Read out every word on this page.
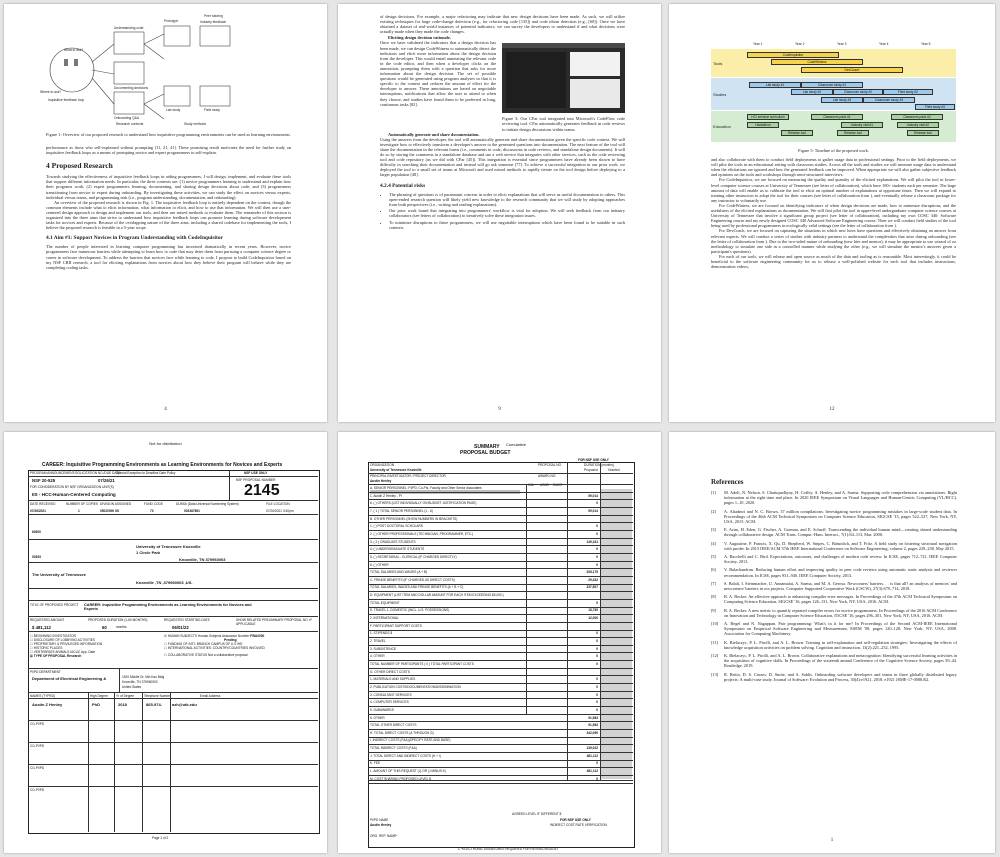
Understanding code
Prototype
Peer tutoring
Industry feedback
What to ask?
Where to ask?
Documenting decisions
Inquisitive feedback loop
Onboarding Q&A
Lab study	Field study
Research contexts	Study methods

Figure 1: Overview of our proposed research to understand how inquisitive programming environments can be used as learning environments.

performance as those who self-explained without prompting [11, 21, 41]. These promising result motivates the need for further study on inquisitive feedback loops as a means of prompting novice and expert programmers to self-explain.

4 Proposed Research

Towards studying the effectiveness of inquisitive feedback loops in aiding programmers, I will design, implement, and evaluate these tools that support different information needs. In particular, the three contexts are: (1) novice programmers learning to understand and explain how their programs work, (2) expert programmers learning, documenting, and sharing design decisions about code, and (3) programmers transitioning from novice to expert during onboarding. By investigating these activities, we can study the effect on novices versus experts, individual versus teams, and programming task (i.e., program understanding, documentation, and onboarding).

An overview of the proposed research is shown in Fig. 1. The inquisitive feedback loop is entirely dependent on the context, though the common elements include what to elicit information, what information to elicit, and how to use that information. We will then use a user-centered design approach to design and implement our tools, and then use mixed methods to evaluate them. The remainder of this section is organized into the three aims that strive to understand how inquisitive feedback loops can promote learning during software development tasks for novices and experts. Because of the overlapping nature of the three aims, including a shared codebase for implementing the tools, I believe the proposed research is feasible in a 5-year scope.

4.1 Aim #1: Support Novices in Program Understanding with CodeInquisitor

The number of people interested in learning computer programming has increased dramatically in recent years. However, novice programmers face numerous barriers while attempting to learn how to code that may deter them from pursuing a computer science degree or career in software development. To address the barriers that novices face while learning to code, I propose to build CodeInquisitor based on my NSF CRII research, a tool for eliciting explanations from novices about how they believe their program will behave while they are completing coding tasks.

4

of design decisions. For example, a major refactoring may indicate that new design decisions have been made. As such, we will utilize existing techniques for large code-change detection (e.g., for refactoring code [135]) and code idiom detection (e.g., [60]). Once we have obtained a dataset of real-world instances of potential indicators, we can survey the developers to understand if and what decisions were actually made when they made the code changes.

Eliciting design decision rationale.

Once we have validated the indicators that a design decision has been made, we can design CodeWitness to automatically detect the indicators and elicit more information about the design decision from the developer. This would entail annotating the relevant code in the code editor, and then when a developer clicks on the annotation, prompting them with a question that asks for more information about the design decision. The set of possible questions would be generated using program analyses so that it is specific to the context and reduces the amount of effort for the developer to answer. These annotations are based on negotiable interruptions, notifications that allow the user to attend to when they choose, and studies have found them to be preferred in long, continuous tasks [82].

Figure 3: Our CFar tool integrated into Microsoft's CodeFlow code reviewing tool. CFar automatically generates feedback in code reviews to initiate design discussions within teams.

Automatically generate and share documentation.

Using the answers from the developer, the tool will automatically generate and share documentation given the specific code context. We will investigate how to effectively transform a developer's answer to the generated questions into documentation. The next feature of the tool will share the documentation in the relevant forms (i.e., comments in code, discussions in code reviews, and standalone design documents). It will do so by storing the comments in a standalone database and use a web service that integrates with other services, such as the code reviewing tool and code repository (as we did with CFar [45]). This integration is essential since programmers have already been shown to have difficulty in searching their documentation and instead will go ask someone [77]. To achieve a successful integration in our prior work, we deployed the tool to a small set of teams at Microsoft and used mixed methods to rapidly iterate on the tool design before deploying to a larger population [48].

4.2.4 Potential risks
• The phrasing of questions is of paramount concern in order to elicit explanations that will serve as useful documentation to others. This open-ended research question will likely yield new knowledge to the research community that we will study by adopting approaches from both perspectives (i.e., writing and reading explanations).
• Our prior work found that integrating into programmers' workflow is vital for adoption. We will seek feedback from our industry collaborators (see letters of collaboration) to iteratively solve these integration issues.
• To minimize disruptions to these programmers, we will use negotiable interruptions which have been found to be suitable in such contexts.
9
Year 1	Year 2	Year 3	Year 4	Year 5
Tools
Studies
Education
CodeInquisitor
CodeWitness
DevCoach
Lab study #1	Classroom study #1
Lab study #2	Classroom study #2	Field study #2
Lab study #3	Classroom study #3
Field study #3
HCI seminar curriculum	Classroom pack #1	Classroom pack #2
Hackathon	Industry visit #1	Industry visit #2
Release tool	Release tool	Release tool

Figure 5: Timeline of the proposed work.

and also collaborate with them to conduct field deployments to gather usage data in professional settings. Prior to the field deployments, we will pilot the tools in an educational setting with classroom studies. Across all the tools and studies we will measure usage data to understand when the elicitations are ignored and how the generated feedback can be improved. When appropriate we will also gather subjective feedback and opinions on the tools and workshops through semi-structured interviews.

For CodeInquisitor, we are focused on measuring the quality and quantity of the elicited explanations. We will pilot the tool in lower-level computer science courses at University of Tennessee (see letter of collaboration), which have 100+ students each per semester. The large amount of data will enable us to calibrate the tool to elicit an optimal number of explanations at opportune times. Then we will expand to training other instructors to adopt the tool for their courses (see letter of collaboration from ), and eventually release a classroom package for any instructor to voluntarily use.

For CodeWitness, we are focused on identifying indicators of when design decisions are made, how to minimize disruptions, and the usefulness of the elicited explanations as documentation. We will first pilot the tool in upper-level undergraduate computer science courses at University of Tennessee that involve a significant group project (see letter of collaboration), including my own COSC 340: Software Engineering course and my newly designed COSC 340 Advanced Software Engineering course. Then we will conduct field studies of the tool being used by professional programmers in ecologically valid settings (see the letter of collaboration from ).

For DevCoach, we are focused on capturing the situations in which new hires have questions and effectively obtaining an answer from relevant experts. We will conduct a series of studies with industry partners to understand the complexities that arise during onboarding (see the letter of collaboration from ). Due to the two-sided nature of onboarding (new hire and mentor), it may be appropriate to use wizard of oz methodology to simulate one side in a controlled manner while studying the other (e.g., we will simulate the mentor's answers given a participant's questions).

For each of our tools, we will release and open source as much of the data and tooling as is reasonable. Most interestingly, it could be beneficial to the software engineering community for us to release a well-polished website for each tool that includes instructions, demonstration videos,

12
Not for distribution
CAREER: Inquisitive Programming Environments as Learning Environments for Novices and Experts
PROGRAM ANNOUNCEMENT/SOLICITATION NO./DUE DATE
Special Exception to Deadline Date Policy	NSF USE ONLY
NSF 20-525	07/26/21	NSF PROPOSAL NUMBER
FOR CONSIDERATION BY NSF ORGANIZATION UNIT(S)
IIS - HCC-Human-Centered Computing	2145
DATE RECEIVED	NUMBER OF COPIES DIVISION ASSIGNED	FUND CODE	DUNS# (Data Universal Numbering System)	FILE LOCATION
07/26/2021	1	05020000 IIS	73	003387891	07/26/2021 3:40pm
62600
University of Tennessee Knoxville
1 Circle Park
00353	Knoxville, TN 379960003
The University of Tennessee
Knoxville ,TN ,379960003 ,US.
TITLE OF PROPOSED PROJECT CAREER: Inquisitive Programming Environments as Learning Environments for Novices and Experts
REQUESTED AMOUNT	PROPOSED DURATION (1-60 MONTHS)	REQUESTED STARTING DATE	SHOW RELATED PRELIMINARY PROPOSAL NO. IF APPLICABLE
$ 481,112	60	months	06/01/22
☐ BEGINNING INVESTIGATOR
☐ DISCLOSURE OF LOBBYING ACTIVITIES
☐ PROPRIETARY & PRIVILEGED INFORMATION
☐ HISTORIC PLACES
☐ VERTEBRATE ANIMALS IACUC App. Date
☒ TYPE OF PROPOSAL Research
☒ HUMAN SUBJECTS Human Subjects Assurance Number FWA0000
Pending
☐ FUNDING OF INT'L BRANCH CAMPUS OF U.S IHE
☐ INTERNATIONAL ACTIVITIES: COUNTRY/COUNTRIES INVOLVED
☐ COLLABORATIVE STATUS Not a collaborative proposal
PI/PD DEPARTMENT
Department of Electrical Engineering &	1520 Middle Dr, Min Kao Bldg
Knoxville, TN 379960003
United States
NAMES (TYPED)	High Degree	Yr of Degree	Telephone Number	Email Address
Austin Z Henley	PhD	2018	865-974- azh@utk.edu
CO-PI/PD
CO-PI/PD
CO-PI/PD
CO-PI/PD
Page 1 of 2
SUMMARY Cumulative
PROPOSAL BUDGET
FOR NSF USE ONLY
ORGANIZATION
University of Tennessee Knoxville
PROPOSAL NO.	DURATION (months)
Proposed	Granted
PRINCIPAL INVESTIGATOR / PROJECT DIRECTOR
Austin Henley
AWARD NO.
CAL ACAD SUMR
A. SENIOR PERSONNEL: PI/PD, Co-PIs, Faculty and Other Senior Associates
1. Austin Z Henley - PI	59,014
6. ( ) OTHERS (LIST INDIVIDUALLY ON BUDGET JUSTIFICATION PAGE)	0
7. ( 1 ) TOTAL SENIOR PERSONNEL (1 - 6)	59,014
B. OTHER PERSONNEL (SHOW NUMBERS IN BRACKETS)
1. ( ) POST DOCTORAL SCHOLARS	0
2. ( ) OTHER PROFESSIONALS (TECHNICIAN, PROGRAMMER, ETC.)	0
3. ( 2 ) GRADUATE STUDENTS	149,161
4. ( ) UNDERGRADUATE STUDENTS	0
5. ( ) SECRETARIAL - CLERICAL (IF CHARGED DIRECTLY)	0
6. ( ) OTHER	0
TOTAL SALARIES AND WAGES (A + B)	208,175
C. FRINGE BENEFITS (IF CHARGED AS DIRECT COSTS)	29,332
TOTAL SALARIES, WAGES AND FRINGE BENEFITS (A + B + C)	237,507
D. EQUIPMENT (LIST ITEM AND DOLLAR AMOUNT FOR EACH ITEM EXCEEDING $5,000.)
TOTAL EQUIPMENT	0
E. TRAVEL 1. DOMESTIC (INCL. U.S. POSSESSIONS)	15,750
2. INTERNATIONAL	12,000
F. PARTICIPANT SUPPORT COSTS
1. STIPENDS $	0
2. TRAVEL	0
3. SUBSISTENCE	0
4. OTHER	0
TOTAL NUMBER OF PARTICIPANTS ( 0 ) TOTAL PARTICIPANT COSTS	0
G. OTHER DIRECT COSTS
1. MATERIALS AND SUPPLIES	0
2. PUBLICATION COSTS/DOCUMENTATION/DISSEMINATION	0
3. CONSULTANT SERVICES	0
4. COMPUTER SERVICES	0
5. SUBAWARDS	0
6. OTHER	91,583
TOTAL OTHER DIRECT COSTS	91,583
H. TOTAL DIRECT COSTS (A THROUGH G)	342,090
I. INDIRECT COSTS (F&A)(SPECIFY RATE AND BASE)
TOTAL INDIRECT COSTS (F&A)	139,022
J. TOTAL DIRECT AND INDIRECT COSTS (H + I)	481,112
K. FEE	0
L. AMOUNT OF THIS REQUEST (J) OR (J MINUS K)	481,112
M. COST SHARING PROPOSED LEVEL $	0
PI/PD NAME
Austin Henley
ORG. REP. NAME*
AGREED LEVEL IF DIFFERENT $
FOR NSF USE ONLY
INDIRECT COST RATE VERIFICATION
C *ELECTRONIC SIGNATURES REQUIRED FOR REVISED BUDGET
References
[1]	M. Adeli, N. Nelson, S. Chattopadhyay, H. Coffey, A. Henley, and A. Sarma. Supporting code comprehension via annotations: Right information at the right time and place. In 2020 IEEE Symposium on Visual Languages and Human-Centric Computing (VL/HCC), pages 1–10, 2020.
[2]	A. Altadmri and N. C. Brown. 37 million compilations: Investigating novice programming mistakes in large-scale student data. In Proceedings of the 46th ACM Technical Symposium on Computer Science Education, SIGCSE '15, pages 522–527, New York, NY, USA, 2015. ACM.
[3]	E. Arias, H. Eden, G. Fischer, A. Gorman, and E. Scharff. Transcending the individual human mind—creating shared understanding through collaborative design. ACM Trans. Comput.-Hum. Interact., 7(1):84–113, Mar. 2000.
[4]	V. Augustine, P. Francis, X. Qu, D. Shepherd, W. Snipes, C. Bräunlich, and T. Fritz. A field study on fostering structural navigation with prodet. In 2015 IEEE/ACM 37th IEEE International Conference on Software Engineering, volume 2, pages 229–238, May 2015.
[5]	A. Bacchelli and C. Bird. Expectations, outcomes, and challenges of modern code review. In ICSE, pages 712–721. IEEE Computer Society, 2013.
[6]	V. Balachandran. Reducing human effort and improving quality in peer code reviews using automatic static analysis and reviewer recommendation. In ICSE, pages 931–940. IEEE Computer Society, 2013.
[7]	S. Balali, I. Steinmacher, U. Annamalai, A. Sarma, and M. A. Gerosa. Newcomers' barriers. . . is that all? an analysis of mentors' and newcomers' barriers in oss projects. Computer Supported Cooperative Work (CSCW), 27(3):679–714, 2018.
[8]	B. A. Becker. An effective approach to enhancing compiler error messages. In Proceedings of the 47th ACM Technical Symposium on Computing Science Education, SIGCSE '16, pages 126–131, New York, NY, USA, 2016. ACM.
[9]	B. A. Becker. A new metric to quantify repeated compiler errors for novice programmers. In Proceedings of the 2016 ACM Conference on Innovation and Technology in Computer Science Education, ITiCSE '16, pages 296–301, New York, NY, USA, 2016. ACM.
[10]	A. Begel and N. Nagappan. Pair programming: What's in it for me? In Proceedings of the Second ACM-IEEE International Symposium on Empirical Software Engineering and Measurement, ESEM '08, pages 120–128, New York, NY, USA, 2008. Association for Computing Machinery.
[11]	K. Bielaczyc, P. L. Pirolli, and A. L. Brown. Training in self-explanation and self-regulation strategies: Investigating the effects of knowledge acquisition activities on problem solving. Cognition and instruction, 13(2):221–252, 1995.
[12]	K. Bielaczyc, P. L. Pirolli, and A. L. Brown. Collaborative explanations and metacognition: Identifying successful learning activities in the acquisition of cognitive skills. In Proceedings of the sixteenth annual Conference of the Cognitive Science Society, pages 39–44. Routledge, 2019.
[13]	R. Britto, D. S. Cruzes, D. Smite, and A. Sablis. Onboarding software developers and teams in three globally distributed legacy projects: A multi-case study. Journal of Software: Evolution and Process, 30(4):e1921, 2018. e1921 JSME-17-0088.R2.
1
